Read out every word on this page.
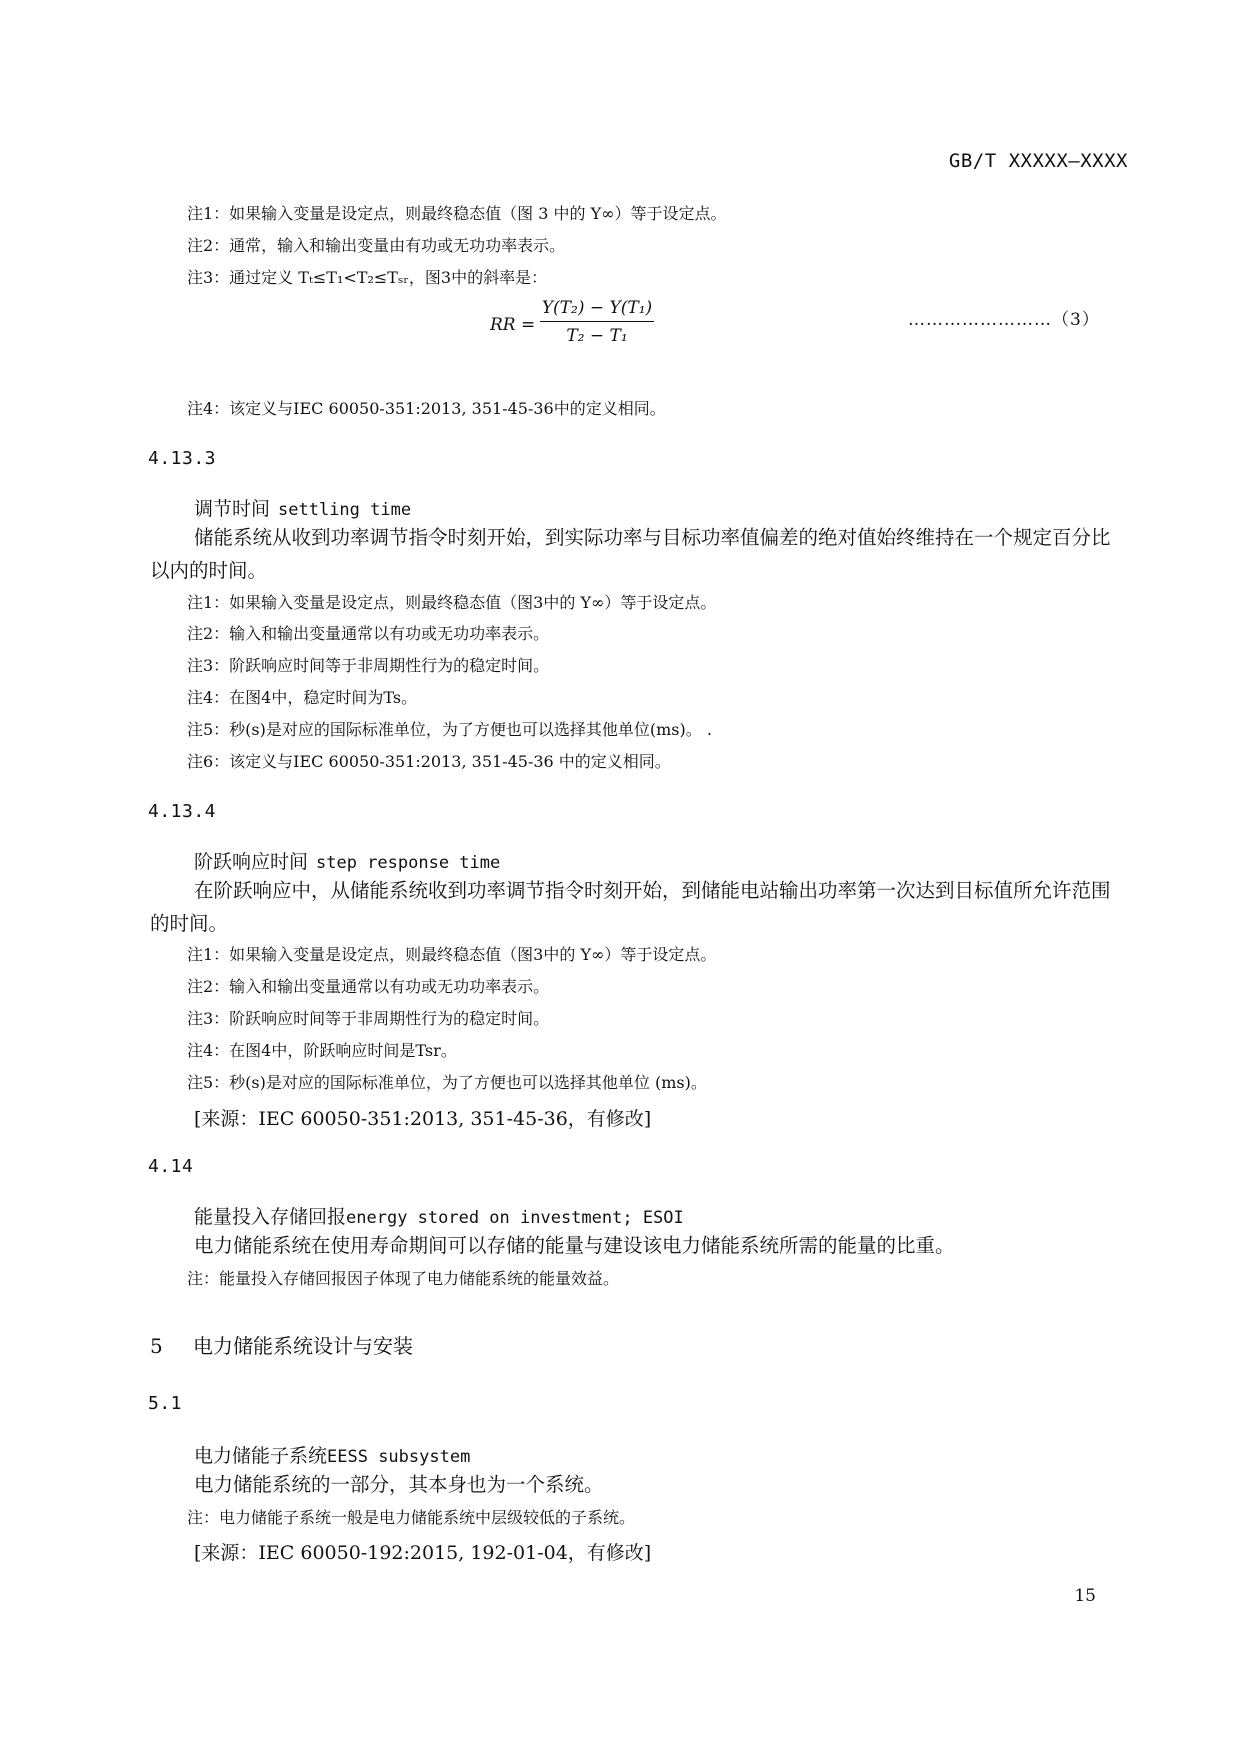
GB/T XXXXX—XXXX
注1：如果输入变量是设定点，则最终稳态值（图 3 中的 Y∞）等于设定点。
注2：通常，输入和输出变量由有功或无功功率表示。
注3：通过定义 Tₜ≤T₁<T₂≤Tₛᵣ，图3中的斜率是：
RR = $\frac{\text{Y(T₂) − Y(T₁)}}{\text{T₂ − T₁}}$	……………………（3）
注4：该定义与IEC 60050-351:2013, 351-45-36中的定义相同。
4.13.3
调节时间 settling time
储能系统从收到功率调节指令时刻开始，到实际功率与目标功率值偏差的绝对值始终维持在一个规定百分比以内的时间。
注1：如果输入变量是设定点，则最终稳态值（图3中的 Y∞）等于设定点。
注2：输入和输出变量通常以有功或无功功率表示。
注3：阶跃响应时间等于非周期性行为的稳定时间。
注4：在图4中，稳定时间为Ts。
注5：秒(s)是对应的国际标准单位，为了方便也可以选择其他单位(ms)。 .
注6：该定义与IEC 60050-351:2013, 351-45-36 中的定义相同。
4.13.4
阶跃响应时间 step response time
在阶跃响应中，从储能系统收到功率调节指令时刻开始，到储能电站输出功率第一次达到目标值所允许范围的时间。
注1：如果输入变量是设定点，则最终稳态值（图3中的 Y∞）等于设定点。
注2：输入和输出变量通常以有功或无功功率表示。
注3：阶跃响应时间等于非周期性行为的稳定时间。
注4：在图4中，阶跃响应时间是Tsr。
注5：秒(s)是对应的国际标准单位，为了方便也可以选择其他单位 (ms)。
[来源：IEC 60050-351:2013, 351-45-36，有修改]
4.14
能量投入存储回报energy stored on investment; ESOI
电力储能系统在使用寿命期间可以存储的能量与建设该电力储能系统所需的能量的比重。
注：能量投入存储回报因子体现了电力储能系统的能量效益。
5 电力储能系统设计与安装
5.1
电力储能子系统EESS subsystem
电力储能系统的一部分，其本身也为一个系统。
注：电力储能子系统一般是电力储能系统中层级较低的子系统。
[来源：IEC 60050-192:2015, 192-01-04，有修改]
15
